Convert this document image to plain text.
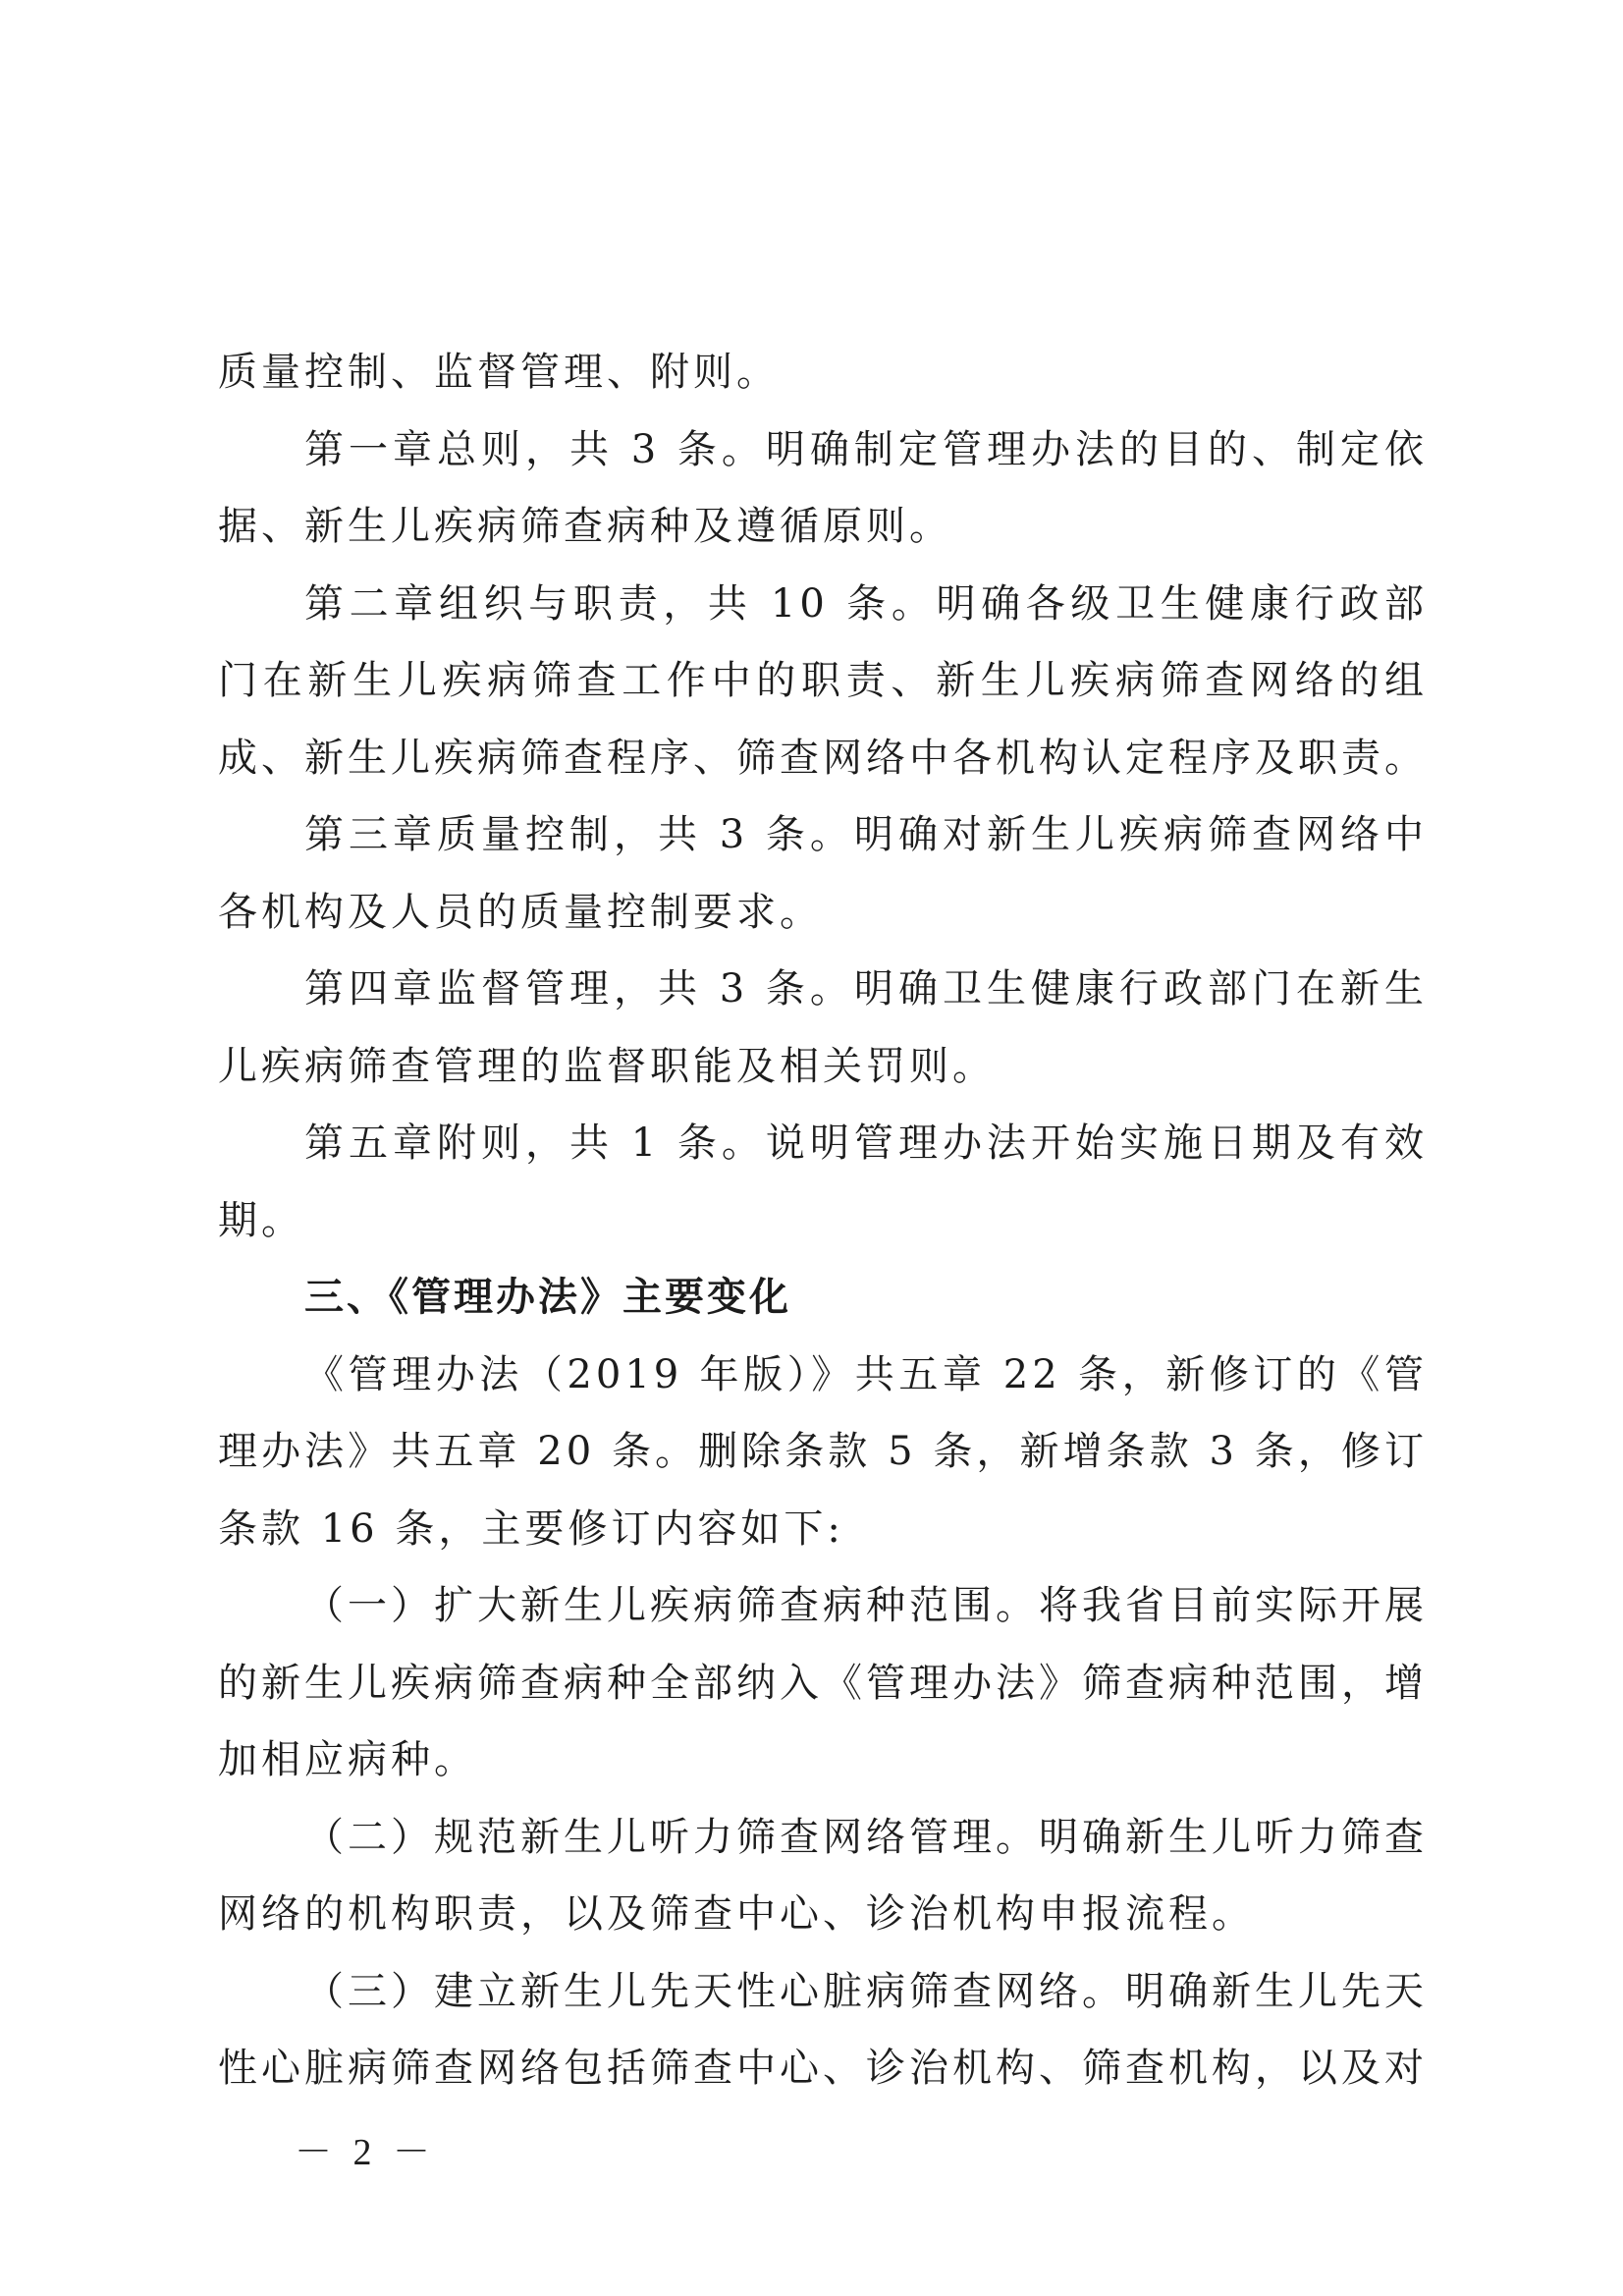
质量控制、监督管理、附则。

第一章总则，共 3 条。明确制定管理办法的目的、制定依据、新生儿疾病筛查病种及遵循原则。

第二章组织与职责，共 10 条。明确各级卫生健康行政部门在新生儿疾病筛查工作中的职责、新生儿疾病筛查网络的组成、新生儿疾病筛查程序、筛查网络中各机构认定程序及职责。

第三章质量控制，共 3 条。明确对新生儿疾病筛查网络中各机构及人员的质量控制要求。

第四章监督管理，共 3 条。明确卫生健康行政部门在新生儿疾病筛查管理的监督职能及相关罚则。

第五章附则，共 1 条。说明管理办法开始实施日期及有效期。

三、《管理办法》主要变化

《管理办法（2019 年版）》共五章 22 条，新修订的《管理办法》共五章 20 条。删除条款 5 条，新增条款 3 条，修订条款 16 条，主要修订内容如下:

（一）扩大新生儿疾病筛查病种范围。将我省目前实际开展的新生儿疾病筛查病种全部纳入《管理办法》筛查病种范围，增加相应病种。

（二）规范新生儿听力筛查网络管理。明确新生儿听力筛查网络的机构职责，以及筛查中心、诊治机构申报流程。

（三）建立新生儿先天性心脏病筛查网络。明确新生儿先天性心脏病筛查网络包括筛查中心、诊治机构、筛查机构，以及对

－ 2 －
